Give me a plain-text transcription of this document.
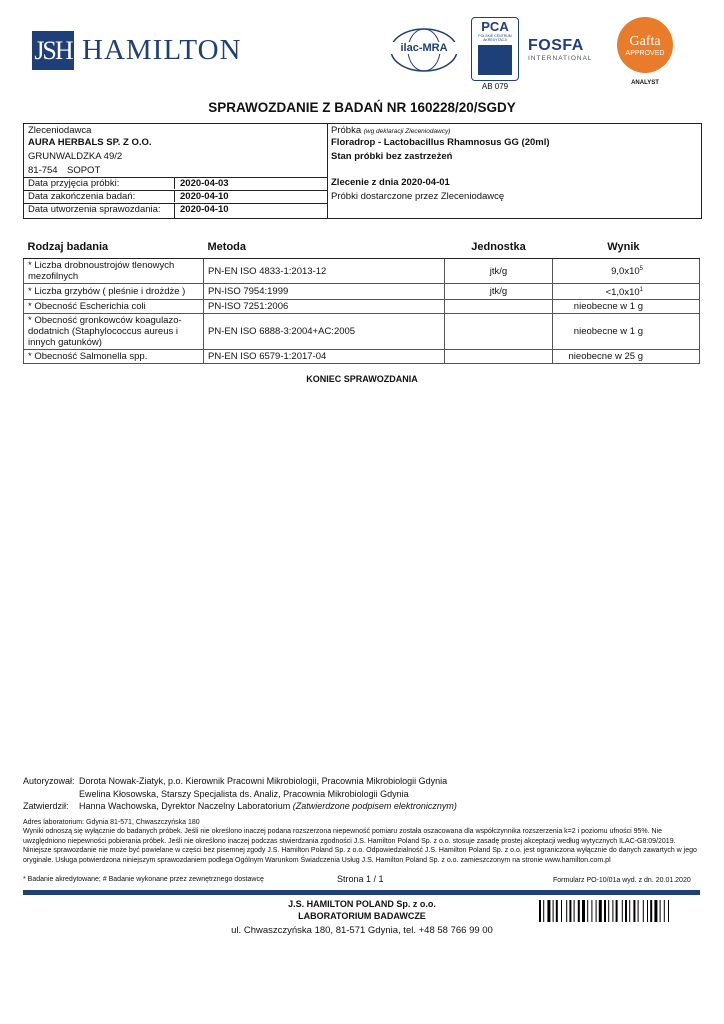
JSH HAMILTON	ilac-MRA
PCA
POLSKIE CENTRUM AKREDYTACJI
AB 079
FOSFA
INTERNATIONAL
Gafta
APPROVED
ANALYST
SPRAWOZDANIE Z BADAŃ NR 160228/20/SGDY
Zleceniodawca
AURA HERBALS SP. Z O.O.
GRUNWALDZKA 49/2
81-754 SOPOT
Data przyjęcia próbki:	2020-04-03
Data zakończenia badań:	2020-04-10
Data utworzenia sprawozdania: 2020-04-10
Próbka (wg deklaracji Zleceniodawcy)
Floradrop - Lactobacillus Rhamnosus GG (20ml)
Stan próbki bez zastrzeżeń
Zlecenie z dnia 2020-04-01
Próbki dostarczone przez Zleceniodawcę
Rodzaj badania	Metoda	Jednostka	Wynik
* Liczba drobnoustrojów tlenowych mezofilnych	PN-EN ISO 4833-1:2013-12	jtk/g	$9,0x10^5$
* Liczba grzybów ( pleśnie i drożdże )	PN-ISO 7954:1999	jtk/g	$<1,0x10^1$
* Obecność Escherichia coli	PN-ISO 7251:2006		nieobecne w 1 g
* Obecność gronkowców koagulazo-dodatnich (Staphylococcus aureus i innych gatunków)	PN-EN ISO 6888-3:2004+AC:2005		nieobecne w 1 g
* Obecność Salmonella spp.	PN-EN ISO 6579-1:2017-04		nieobecne w 25 g
KONIEC SPRAWOZDANIA
Autoryzował: Dorota Nowak-Ziatyk, p.o. Kierownik Pracowni Mikrobiologii, Pracownia Mikrobiologii Gdynia
Ewelina Kłosowska, Starszy Specjalista ds. Analiz, Pracownia Mikrobiologii Gdynia
Zatwierdził: Hanna Wachowska, Dyrektor Naczelny Laboratorium (Zatwierdzone podpisem elektronicznym)
Adres laboratorium: Gdynia 81-571, Chwaszczyńska 180
Wyniki odnoszą się wyłącznie do badanych próbek. Jeśli nie określono inaczej podana rozszerzona niepewność pomiaru została oszacowana dla współczynnika rozszerzenia k=2 i poziomu ufności 95%. Nie uwzględniono niepewności pobierania próbek. Jeśli nie określono inaczej podczas stwierdzania zgodności J.S. Hamilton Poland Sp. z o.o. stosuje zasadę prostej akceptacji według wytycznych ILAC-G8:09/2019.
Niniejsze sprawozdanie nie może być powielane w części bez pisemnej zgody J.S. Hamilton Poland Sp. z o.o. Odpowiedzialność J.S. Hamilton Poland Sp. z o.o. jest ograniczona wyłącznie do danych zawartych w jego oryginale. Usługa potwierdzona niniejszym sprawozdaniem podlega Ogólnym Warunkom Świadczenia Usług J.S. Hamilton Poland Sp. z o.o. zamieszczonym na stronie www.hamilton.com.pl
* Badanie akredytowane; # Badanie wykonane przez zewnętrznego dostawcę	Strona 1 / 1	Formularz PO-10/01a wyd. z dn. 20.01.2020
J.S. HAMILTON POLAND Sp. z o.o.
LABORATORIUM BADAWCZE
ul. Chwaszczyńska 180, 81-571 Gdynia, tel. +48 58 766 99 00
